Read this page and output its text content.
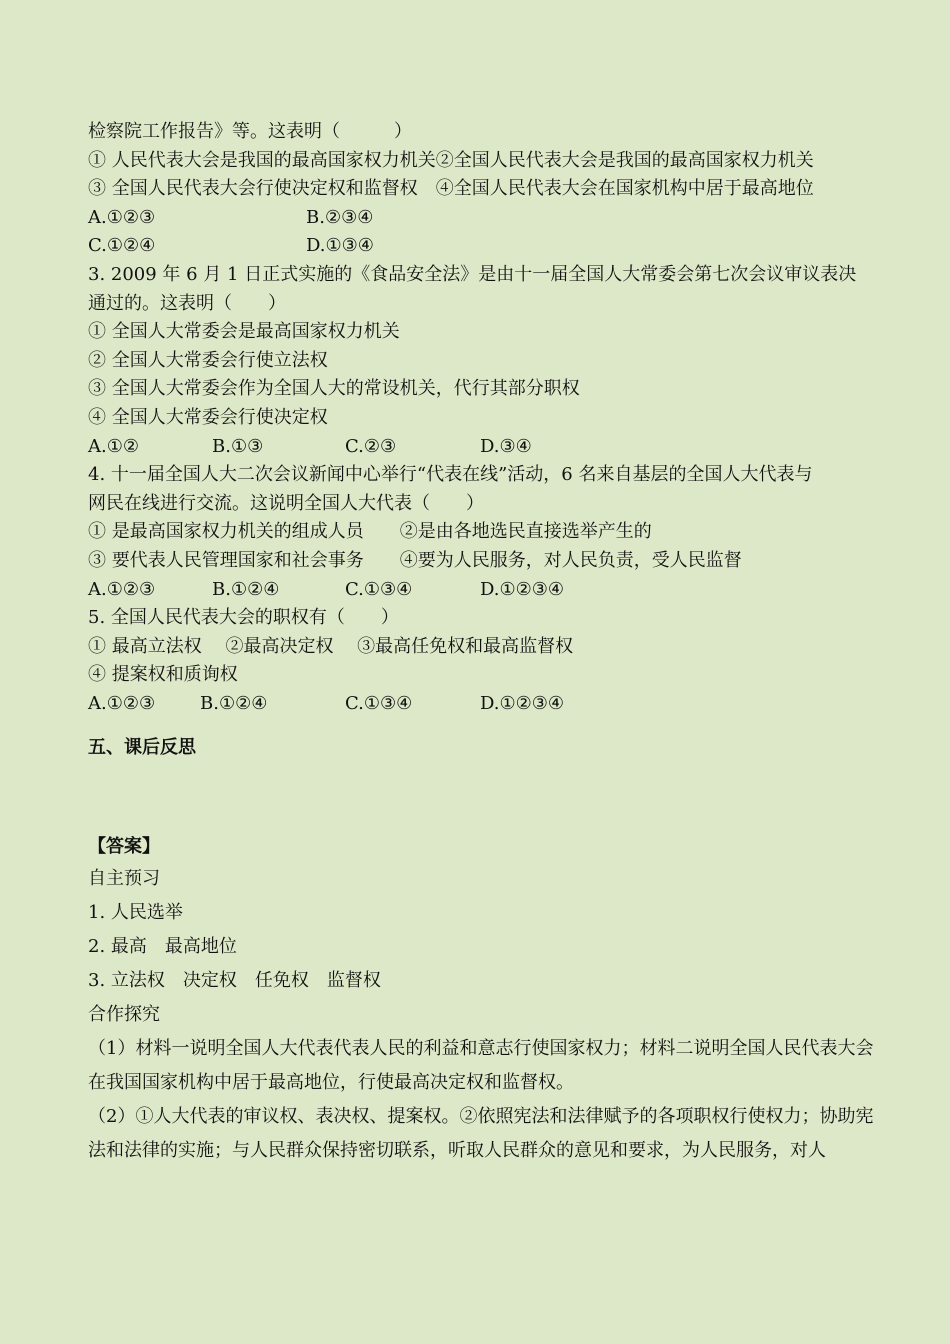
检察院工作报告》等。这表明（　　　）
① 人民代表大会是我国的最高国家权力机关②全国人民代表大会是我国的最高国家权力机关
③ 全国人民代表大会行使决定权和监督权　④全国人民代表大会在国家机构中居于最高地位
A.①②③	B.②③④
C.①②④	D.①③④
3. 2009 年 6 月 1 日正式实施的《食品安全法》是由十一届全国人大常委会第七次会议审议表决
通过的。这表明（　　）
① 全国人大常委会是最高国家权力机关
② 全国人大常委会行使立法权
③ 全国人大常委会作为全国人大的常设机关，代行其部分职权
④ 全国人大常委会行使决定权
A.①②	B.①③	C.②③	D.③④
4. 十一届全国人大二次会议新闻中心举行“代表在线”活动，6 名来自基层的全国人大代表与
网民在线进行交流。这说明全国人大代表（　　）
① 是最高国家权力机关的组成人员　　②是由各地选民直接选举产生的
③ 要代表人民管理国家和社会事务　　④要为人民服务，对人民负责，受人民监督
A.①②③	B.①②④	C.①③④	D.①②③④
5. 全国人民代表大会的职权有（　　）
① 最高立法权　 ②最高决定权　 ③最高任免权和最高监督权
④ 提案权和质询权
A.①②③	B.①②④	C.①③④	D.①②③④
五、课后反思
【答案】
自主预习
1. 人民选举
2. 最高　最高地位
3. 立法权　决定权　任免权　监督权
合作探究
（1）材料一说明全国人大代表代表人民的利益和意志行使国家权力；材料二说明全国人民代表大会在我国国家机构中居于最高地位，行使最高决定权和监督权。
（2）①人大代表的审议权、表决权、提案权。②依照宪法和法律赋予的各项职权行使权力；协助宪法和法律的实施；与人民群众保持密切联系，听取人民群众的意见和要求，为人民服务，对人
